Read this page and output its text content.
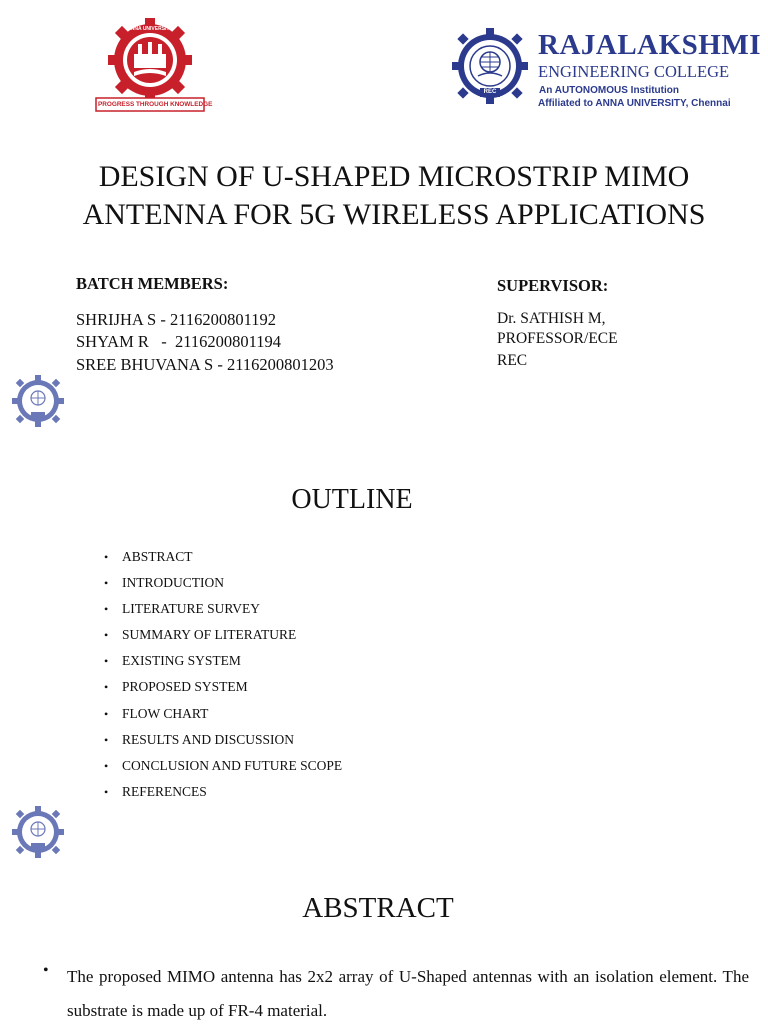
PROGRESS THROUGH KNOWLEDGE
ANNA UNIVERSITY
REC
RAJALAKSHMI
ENGINEERING COLLEGE
An AUTONOMOUS Institution
Affiliated to ANNA UNIVERSITY, Chennai
DESIGN OF U-SHAPED MICROSTRIP MIMO
ANTENNA FOR 5G WIRELESS APPLICATIONS
BATCH MEMBERS:
SHRIJHA S - 2116200801192
SHYAM R   -  2116200801194
SREE BHUVANA S - 2116200801203
SUPERVISOR:
Dr. SATHISH M,
PROFESSOR/ECE
REC
OUTLINE
• ABSTRACT
• INTRODUCTION
• LITERATURE SURVEY
• SUMMARY OF LITERATURE
• EXISTING SYSTEM
• PROPOSED SYSTEM
• FLOW CHART
• RESULTS AND DISCUSSION
• CONCLUSION AND FUTURE SCOPE
• REFERENCES
ABSTRACT
• The proposed MIMO antenna has 2x2 array of U-Shaped antennas with an isolation element. The substrate is made up of FR-4 material.
